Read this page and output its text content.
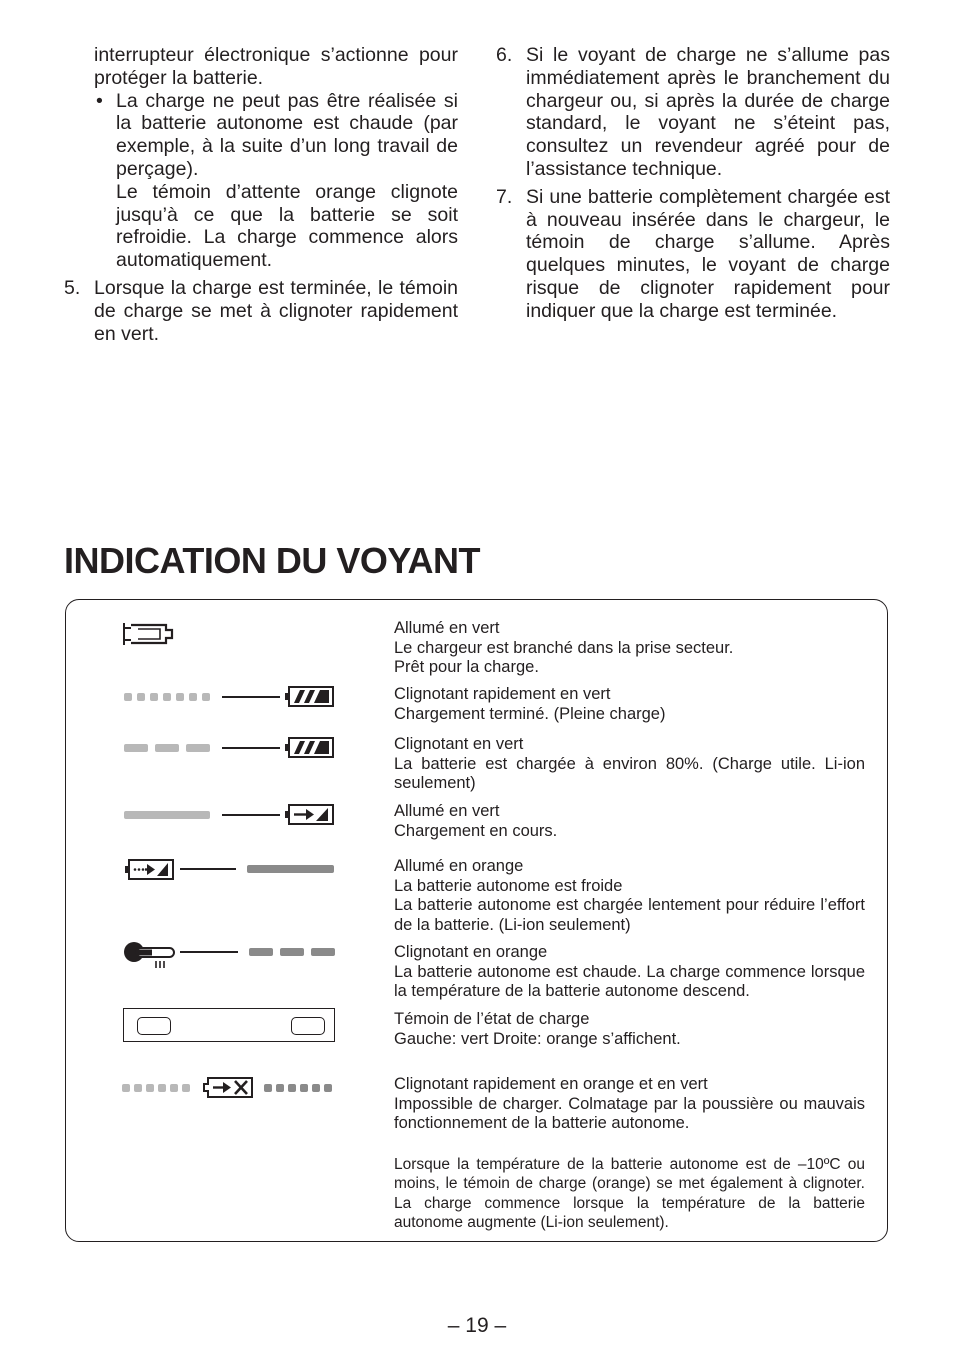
interrupteur électronique s’actionne pour protéger la batterie.
• La charge ne peut pas être réalisée si la batterie autonome est chaude (par exemple, à la suite d’un long travail de perçage).
Le témoin d’attente orange clignote jusqu’à ce que la batterie se soit refroidie. La charge commence alors automatiquement.
5. Lorsque la charge est terminée, le témoin de charge se met à clignoter rapidement en vert.
6. Si le voyant de charge ne s’allume pas immédiatement après le branchement du chargeur ou, si après la durée de charge standard, le voyant ne s’éteint pas, consultez un revendeur agréé pour de l’assistance technique.
7. Si une batterie complètement chargée est à nouveau insérée dans le chargeur, le témoin de charge s’allume. Après quelques minutes, le voyant de charge risque de clignoter rapidement pour indiquer que la charge est terminée.
INDICATION DU VOYANT
Allumé en vert
Le chargeur est branché dans la prise secteur.
Prêt pour la charge.
Clignotant rapidement en vert
Chargement terminé. (Pleine charge)
Clignotant en vert
La batterie est chargée à environ 80%. (Charge utile. Li-ion seulement)
Allumé en vert
Chargement en cours.
Allumé en orange
La batterie autonome est froide
La batterie autonome est chargée lentement pour réduire l’effort de la batterie. (Li-ion seulement)
Clignotant en orange
La batterie autonome est chaude. La charge commence lorsque la température de la batterie autonome descend.
Témoin de l’état de charge
Gauche: vert Droite: orange s’affichent.
Clignotant rapidement en orange et en vert
Impossible de charger. Colmatage par la poussière ou mauvais fonctionnement de la batterie autonome.
Lorsque la température de la batterie autonome est de –10ºC ou moins, le témoin de charge (orange) se met également à clignoter. La charge commence lorsque la température de la batterie autonome augmente (Li-ion seulement).
– 19 –
